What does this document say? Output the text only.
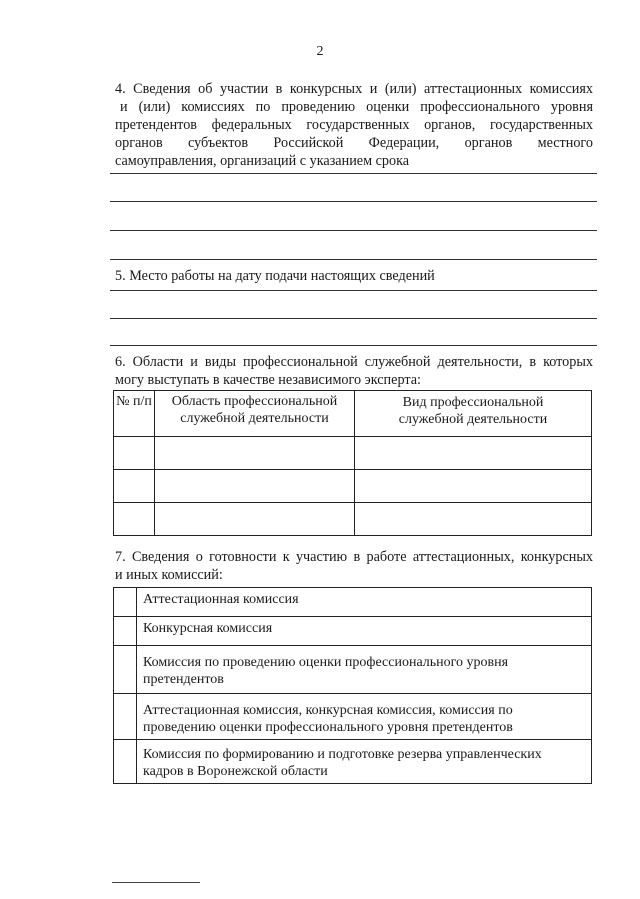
2
4. Сведения об участии в конкурсных и (или) аттестационных комиссиях
и (или) комиссиях по проведению оценки профессионального уровня
претендентов федеральных государственных органов, государственных
органов субъектов Российской Федерации, органов местного
самоуправления, организаций с указанием срока
5. Место работы на дату подачи настоящих сведений
6. Области и виды профессиональной служебной деятельности, в которых
могу выступать в качестве независимого эксперта:
№ п/п	Область профессиональной служебной деятельности	Вид профессиональной служебной деятельности

7. Сведения о готовности к участию в работе аттестационных, конкурсных
и иных комиссий:
	Аттестационная комиссия
	Конкурсная комиссия
	Комиссия по проведению оценки профессионального уровня претендентов
	Аттестационная комиссия, конкурсная комиссия, комиссия по проведению оценки профессионального уровня претендентов
	Комиссия по формированию и подготовке резерва управленческих кадров в Воронежской области
